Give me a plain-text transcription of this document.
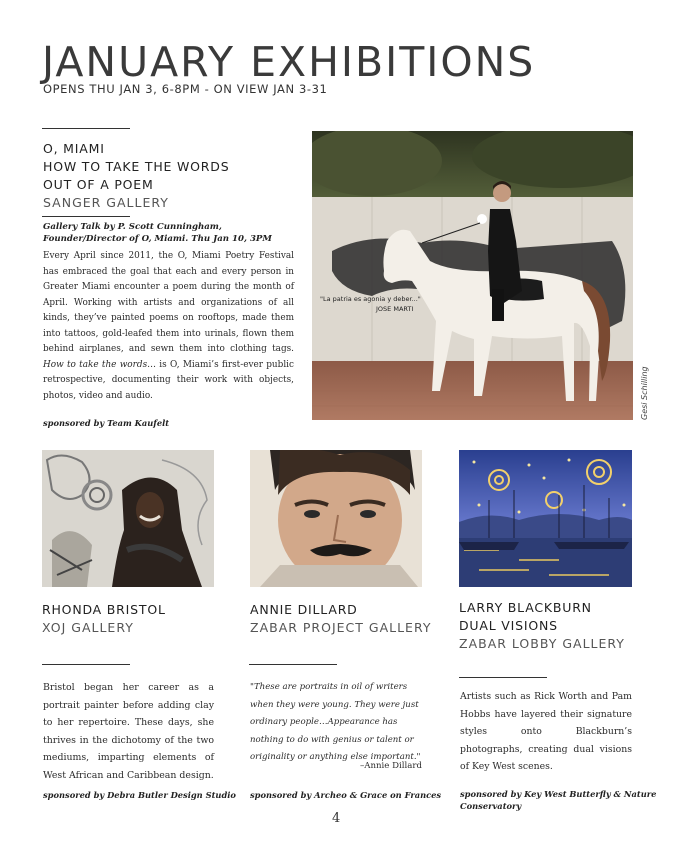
JANUARY EXHIBITIONS
OPENS THU JAN 3, 6-8PM - ON VIEW JAN 3-31
O, MIAMI
HOW TO TAKE THE WORDS
OUT OF A POEM
SANGER GALLERY
Gallery Talk by P. Scott Cunningham,
Founder/Director of O, Miami. Thu Jan 10, 3PM
Every April since 2011, the O, Miami Poetry Festival has embraced the goal that each and every person in Greater Miami encounter a poem during the month of April. Working with artists and organizations of all kinds, they’ve painted poems on rooftops, made them into tattoos, gold-leafed them into urinals, flown them behind airplanes, and sewn them into clothing tags. How to take the words… is O, Miami’s first-ever public retrospective, documenting their work with objects, photos, video and audio.
sponsored by Team Kaufelt
"La patria es agonia y deber..."
JOSE MARTI
Gesi Schilling
RHONDA BRISTOL
XOJ GALLERY
Bristol began her career as a portrait painter before adding clay to her repertoire. These days, she thrives in the dichotomy of the two mediums, imparting elements of West African and Caribbean design.
sponsored by Debra Butler Design Studio
ANNIE DILLARD
ZABAR PROJECT GALLERY
"These are portraits in oil of writers when they were young. They were just ordinary people…Appearance has nothing to do with genius or talent or originality or anything else important."
–Annie Dillard
sponsored by Archeo & Grace on Frances
LARRY BLACKBURN
DUAL VISIONS
ZABAR LOBBY GALLERY
Artists such as Rick Worth and Pam Hobbs have layered their signature styles onto Blackburn’s photographs, creating dual visions of Key West scenes.
sponsored by Key West Butterfly & Nature
Conservatory
4
